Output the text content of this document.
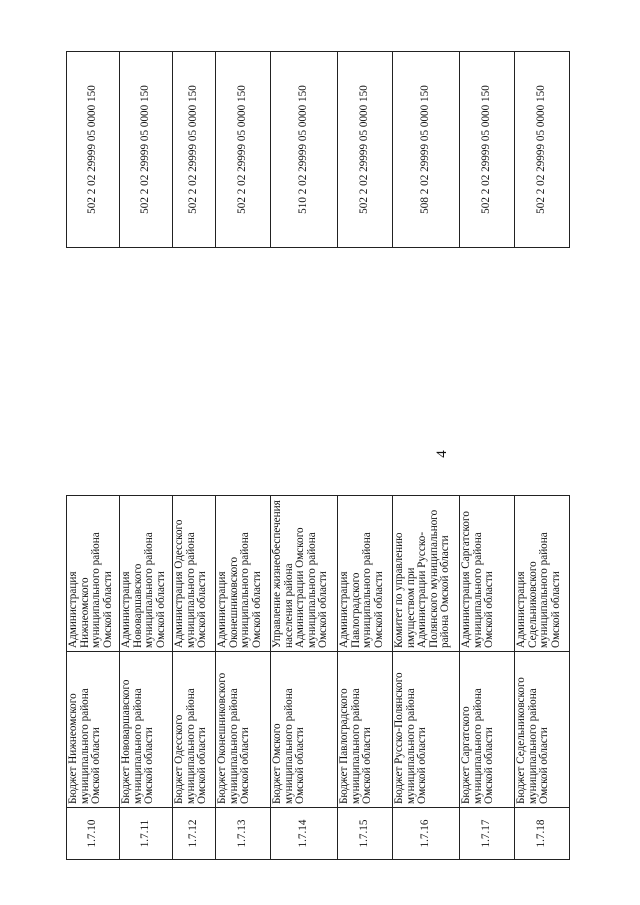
4
1.7.10	Бюджет Нижнеомского муниципального района Омской области	Администрация Нижнеомского муниципального района Омской области		502 2 02 29999 05 0000 150
1.7.11	Бюджет Нововаршавского муниципального района Омской области	Администрация Нововаршавского муниципального района Омской области		502 2 02 29999 05 0000 150
1.7.12	Бюджет Одесского муниципального района Омской области	Администрация Одесского муниципального района Омской области		502 2 02 29999 05 0000 150
1.7.13	Бюджет Оконешниковского муниципального района Омской области	Администрация Оконешниковского муниципального района Омской области		502 2 02 29999 05 0000 150
1.7.14	Бюджет Омского муниципального района Омской области	Управление жизнеобеспечения населения района Администрации Омского муниципального района Омской области		510 2 02 29999 05 0000 150
1.7.15	Бюджет Павлоградского муниципального района Омской области	Администрация Павлоградского муниципального района Омской области		502 2 02 29999 05 0000 150
1.7.16	Бюджет Русско-Полянского муниципального района Омской области	Комитет по управлению имуществом при Администрации Русско-Полянского муниципального района Омской области		508 2 02 29999 05 0000 150
1.7.17	Бюджет Саргатского муниципального района Омской области	Администрация Саргатского муниципального района Омской области		502 2 02 29999 05 0000 150
1.7.18	Бюджет Седельниковского муниципального района Омской области	Администрация Седельниковского муниципального района Омской области		502 2 02 29999 05 0000 150
